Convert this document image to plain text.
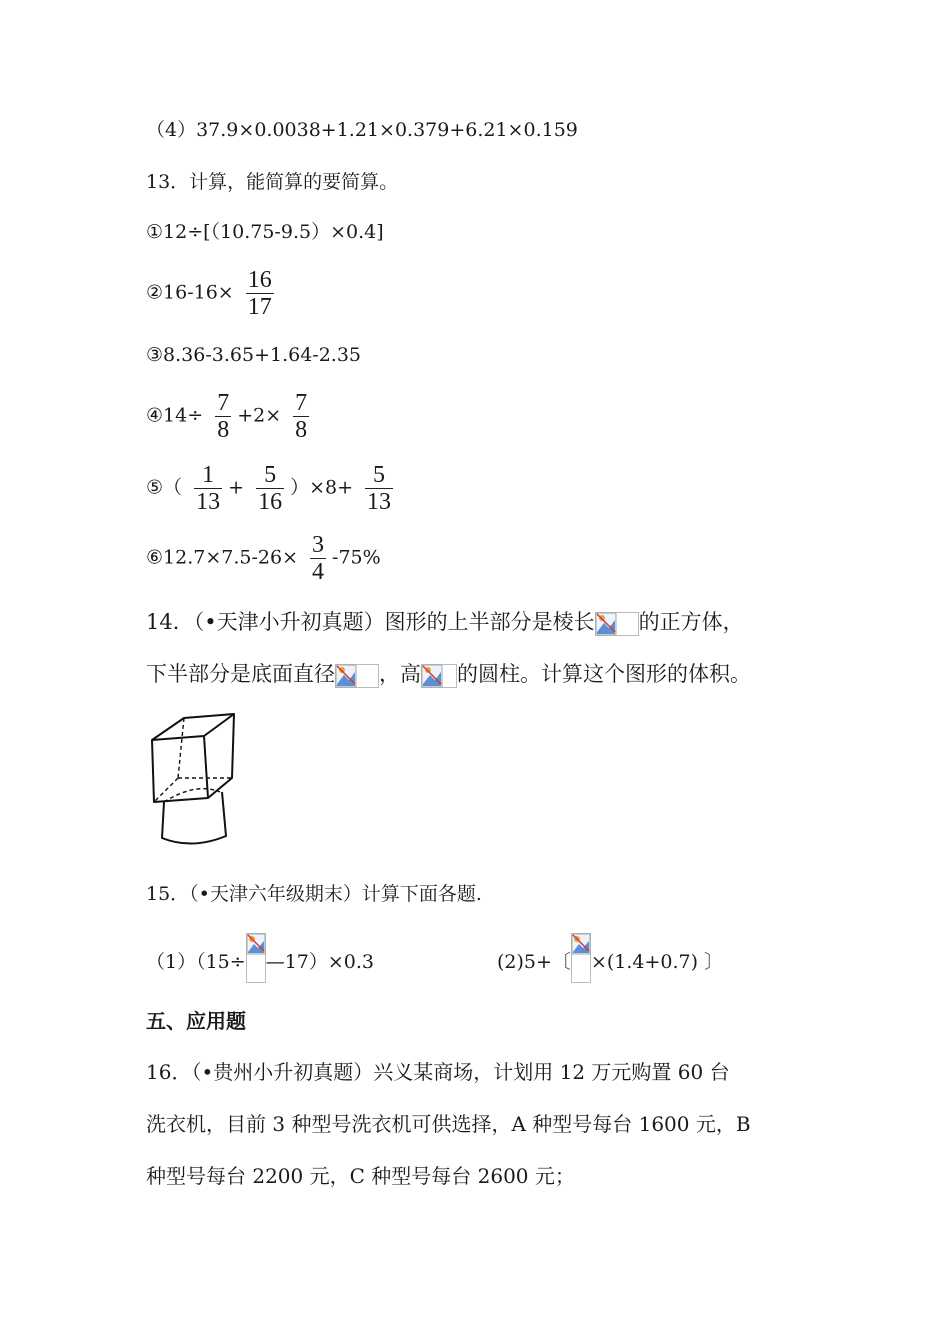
（4）37.9×0.0038+1.21×0.379+6.21×0.159
13．计算，能简算的要简算。
①12÷[（10.75-9.5）×0.4]
②16-16× $\frac{16}{17}$
③8.36-3.65+1.64-2.35
④14÷ $\frac{7}{8} +2\times \frac{7}{8}$
⑤（ $\frac{1}{13} + \frac{5}{16} )\times 8+ \frac{5}{13}$
⑥12.7×7.5-26× $\frac{3}{4} -75\%$
14．（•天津小升初真题）图形的上半部分是棱长 的正方体，
下半部分是底面直径 ，高 的圆柱。计算这个图形的体积。
15．（•天津六年级期末）计算下面各题.
（1）（15÷ —17）×0.3	(2)5+〔 ×(1.4+0.7) 〕
五、应用题
16．（•贵州小升初真题）兴义某商场，计划用 12 万元购置 60 台
洗衣机，目前 3 种型号洗衣机可供选择，A 种型号每台 1600 元，B
种型号每台 2200 元，C 种型号每台 2600 元；
